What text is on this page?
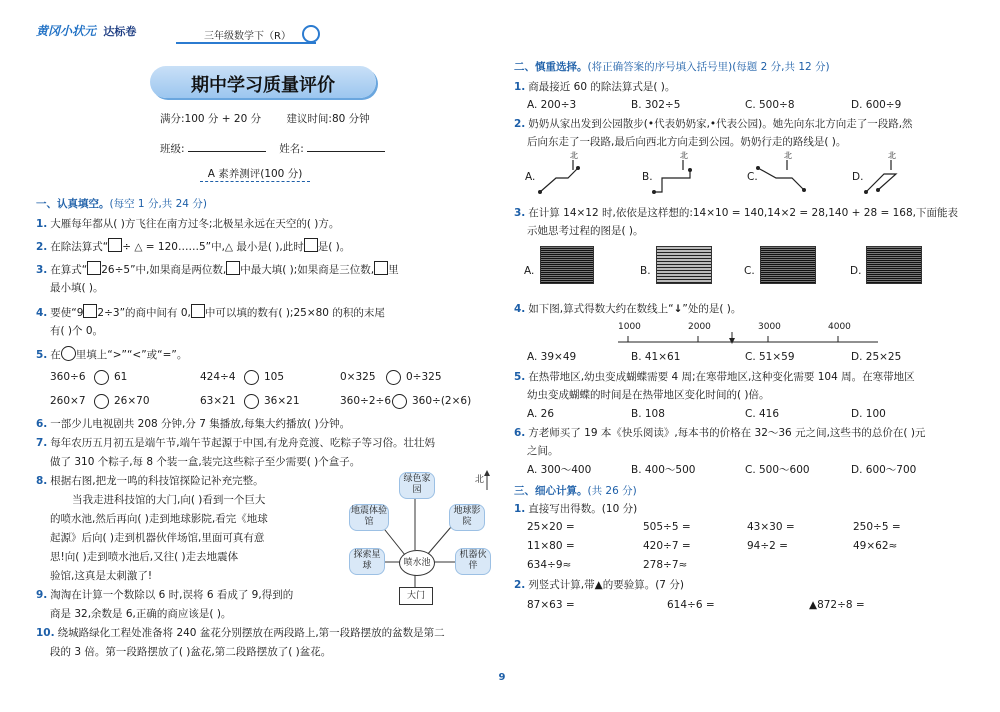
黄冈小状元 达标卷	三年级数学下（R）
期中学习质量评价
满分:100 分 + 20 分 建议时间:80 分钟
班级:	姓名:
A 素养测评(100 分)
一、认真填空。(每空 1 分,共 24 分)
1. 大雁每年都从( )方飞往在南方过冬;北极星永远在天空的( )方。
2. 在除法算式“ ÷ △ = 120……5”中,△ 最小是( ),此时 是( )。
3. 在算式“ 26÷5”中,如果商是两位数, 中最大填( );如果商是三位数, 里
最小填( )。
4. 要使“9 2÷3”的商中间有 0, 中可以填的数有( );25×80 的积的末尾
有( )个 0。
5. 在 里填上“>”“<”或“=”。
360÷6	61	424÷4	105	0×325	0÷325
260×7	26×70	63×21	36×21	360÷2÷6 360÷(2×6)
6. 一部少儿电视剧共 208 分钟,分 7 集播放,每集大约播放( )分钟。
7. 每年农历五月初五是端午节,端午节起源于中国,有龙舟竞渡、吃粽子等习俗。壮壮妈
做了 310 个粽子,每 8 个装一盒,装完这些粽子至少需要( )个盒子。
8. 根据右图,把龙一鸣的科技馆探险记补充完整。
当我走进科技馆的大门,向( )看到一个巨大
的喷水池,然后再向( )走到地球影院,看完《地球
起源》后向( )走到机器伙伴场馆,里面可真有意
思!向( )走到喷水池后,又往( )走去地震体
验馆,这真是太刺激了!
北
绿色家园
地震体验馆
地球影院
探索星球
机器伙伴
喷水池
大门
9. 淘淘在计算一个数除以 6 时,误将 6 看成了 9,得到的
商是 32,余数是 6,正确的商应该是( )。
10. 绕城路绿化工程处准备将 240 盆花分别摆放在两段路上,第一段路摆放的盆数是第二
段的 3 倍。第一段路摆放了( )盆花,第二段路摆放了( )盆花。
二、慎重选择。(将正确答案的序号填入括号里)(每题 2 分,共 12 分)
1. 商最接近 60 的除法算式是( )。
A. 200÷3	B. 302÷5	C. 500÷8	D. 600÷9
2. 奶奶从家出发到公园散步(•代表奶奶家,•代表公园)。她先向东北方向走了一段路,然
后向东走了一段路,最后向西北方向走到公园。奶奶行走的路线是( )。
A.	B.	C.	D.
北	北	北	北
3. 在计算 14×12 时,依依是这样想的:14×10 = 140,14×2 = 28,140 + 28 = 168,下面能表
示她思考过程的图是( )。
A.	B.	C.	D.
4. 如下图,算式得数大约在数线上“↓”处的是( )。
1000	2000	3000	4000
A. 39×49	B. 41×61	C. 51×59	D. 25×25
5. 在热带地区,幼虫变成蝴蝶需要 4 周;在寒带地区,这种变化需要 104 周。在寒带地区
幼虫变成蝴蝶的时间是在热带地区变化时间的( )倍。
A. 26	B. 108	C. 416	D. 100
6. 方老师买了 19 本《快乐阅读》,每本书的价格在 32～36 元之间,这些书的总价在( )元
之间。
A. 300～400	B. 400～500	C. 500～600	D. 600～700
三、细心计算。(共 26 分)
1. 直接写出得数。(10 分)
25×20 =	505÷5 =	43×30 =	250÷5 =
11×80 =	420÷7 =	94÷2 =	49×62≈
634÷9≈	278÷7≈
2. 列竖式计算,带▲的要验算。(7 分)
87×63 =	614÷6 =	▲872÷8 =
9
